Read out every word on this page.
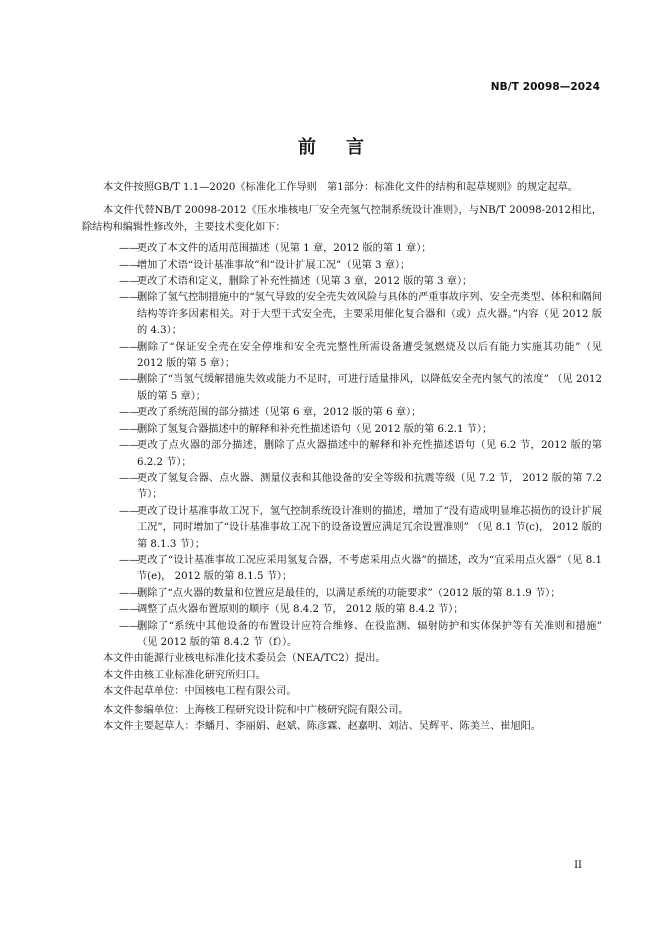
NB/T 20098—2024
前 言

本文件按照GB/T 1.1—2020《标准化工作导则　第1部分：标准化文件的结构和起草规则》的规定起草。

本文件代替NB/T 20098-2012《压水堆核电厂安全壳氢气控制系统设计准则》，与NB/T 20098-2012相比，除结构和编辑性修改外，主要技术变化如下：

——
更改了本文件的适用范围描述（见第 1 章，2012 版的第 1 章）；
——
增加了术语“设计基准事故”和“设计扩展工况”（见第 3 章）；
——
更改了术语和定义，删除了补充性描述（见第 3 章，2012 版的第 3 章）；
——
删除了氢气控制措施中的“氢气导致的安全壳失效风险与具体的严重事故序列、安全壳类型、体积和隔间结构等许多因素相关。对于大型干式安全壳，主要采用催化复合器和（或）点火器。”内容（见 2012 版的 4.3）；
——
删除了“保证安全壳在安全停堆和安全壳完整性所需设备遭受氢燃烧及以后有能力实施其功能”（见 2012 版的第 5 章）；
——
删除了“当氢气缓解措施失效或能力不足时，可进行适量排风，以降低安全壳内氢气的浓度” （见 2012 版的第 5 章）；
——
更改了系统范围的部分描述（见第 6 章，2012 版的第 6 章）；
——
删除了氢复合器描述中的解释和补充性描述语句（见 2012 版的第 6.2.1 节）；
——
更改了点火器的部分描述，删除了点火器描述中的解释和补充性描述语句（见 6.2 节，2012 版的第 6.2.2 节）；
——
更改了氢复合器、点火器、测量仪表和其他设备的安全等级和抗震等级（见 7.2 节， 2012 版的第 7.2 节）；
——
更改了设计基准事故工况下，氢气控制系统设计准则的描述，增加了“没有造成明显堆芯损伤的设计扩展工况”，同时增加了“设计基准事故工况下的设备设置应满足冗余设置准则” （见 8.1 节(c)， 2012 版的第 8.1.3 节）；
——
更改了“设计基准事故工况应采用氢复合器，不考虑采用点火器”的描述，改为“宜采用点火器”（见 8.1 节(e)， 2012 版的第 8.1.5 节）；
——
删除了“点火器的数量和位置应是最佳的，以满足系统的功能要求”（2012 版的第 8.1.9 节）；
——
调整了点火器布置原则的顺序（见 8.4.2 节， 2012 版的第 8.4.2 节）；
——
删除了“系统中其他设备的布置设计应符合维修、在役监测、辐射防护和实体保护等有关准则和措施” （见 2012 版的第 8.4.2 节（f））。

本文件由能源行业核电标准化技术委员会（NEA/TC2）提出。

本文件由核工业标准化研究所归口。

本文件起草单位：中国核电工程有限公司。

本文件参编单位：上海核工程研究设计院和中广核研究院有限公司。

本文件主要起草人：李蟠月、李丽娟、赵斌、陈彦霖、赵嘉明、刘洁、吴辉平、陈美兰、崔旭阳。

II
